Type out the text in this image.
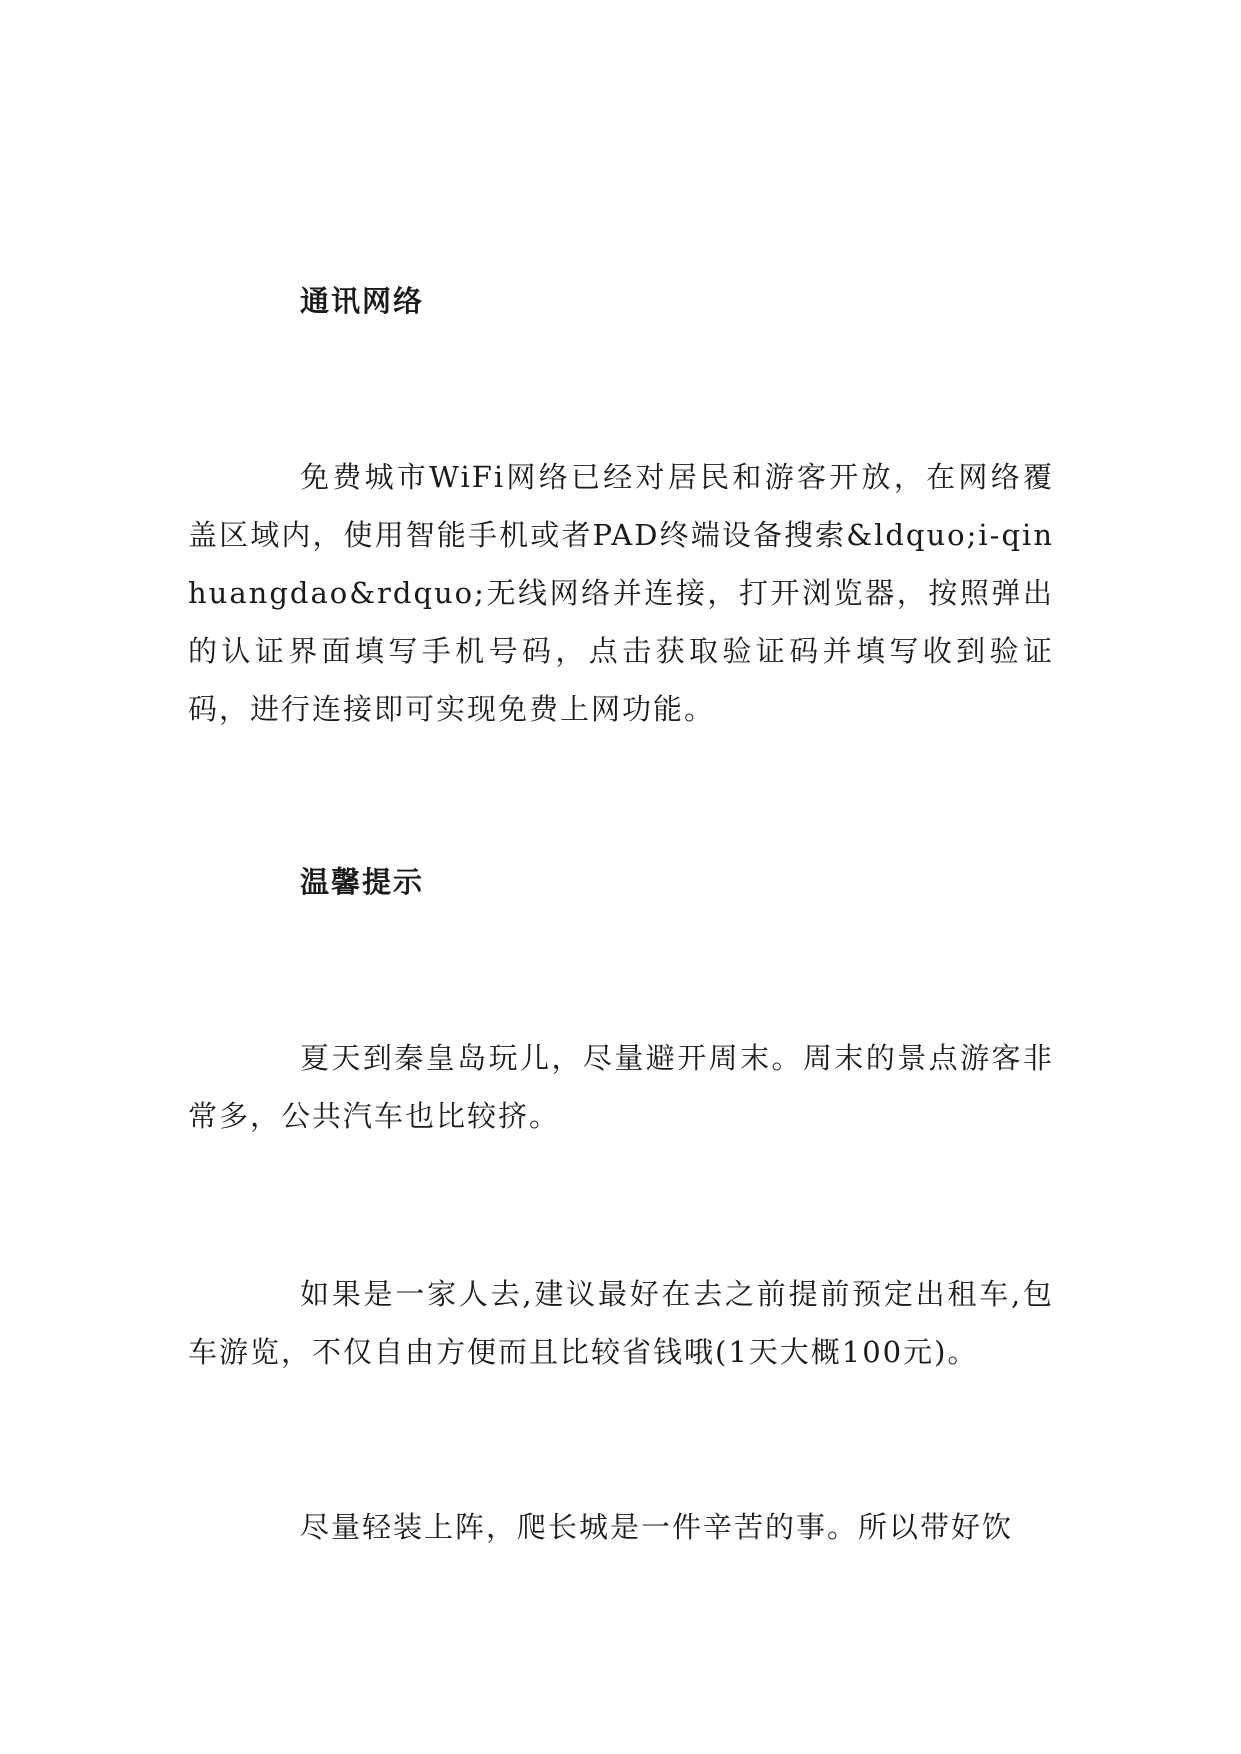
通讯网络

免费城市WiFi网络已经对居民和游客开放，在网络覆盖区域内，使用智能手机或者PAD终端设备搜索&ldquo;i-qinhuangdao&rdquo;无线网络并连接，打开浏览器，按照弹出的认证界面填写手机号码，点击获取验证码并填写收到验证码，进行连接即可实现免费上网功能。

温馨提示

夏天到秦皇岛玩儿，尽量避开周末。周末的景点游客非常多，公共汽车也比较挤。

如果是一家人去,建议最好在去之前提前预定出租车,包车游览，不仅自由方便而且比较省钱哦(1天大概100元)。

尽量轻装上阵，爬长城是一件辛苦的事。所以带好饮
